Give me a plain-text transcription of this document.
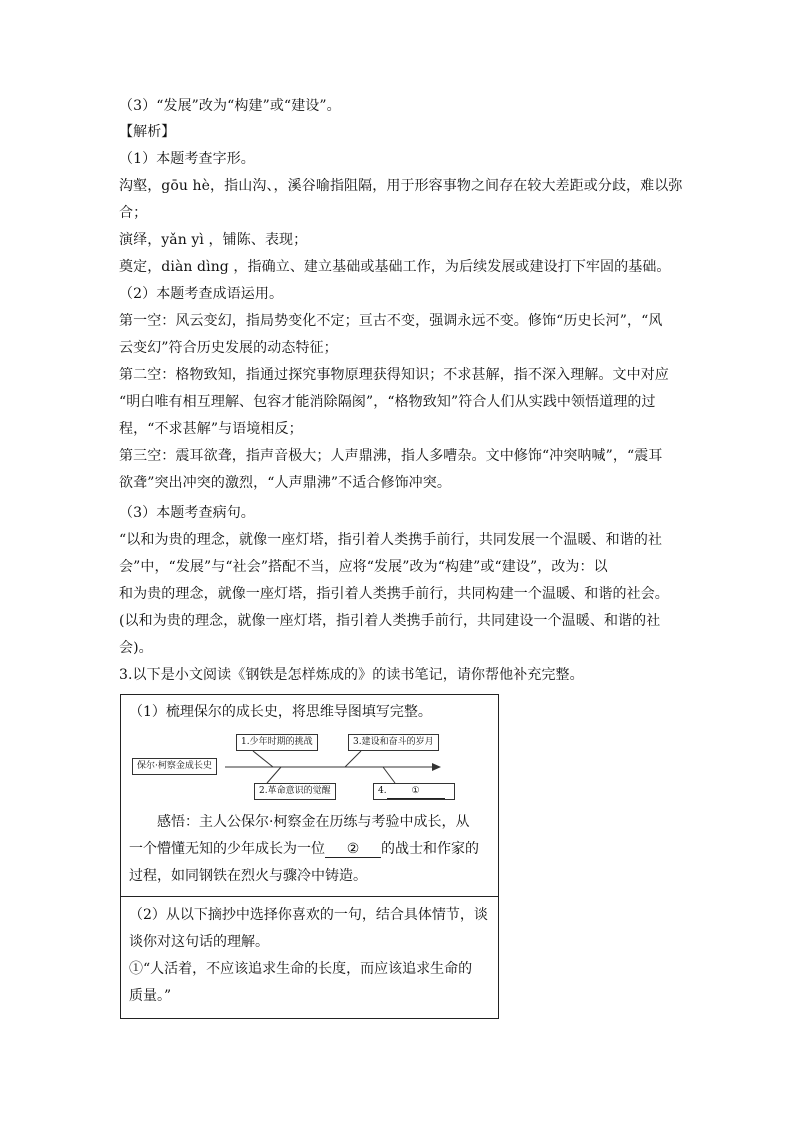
（3）“发展”改为“构建”或“建设”。
【解析】
（1）本题考查字形。
沟壑，gōu hè，指山沟、，溪谷喻指阻隔，用于形容事物之间存在较大差距或分歧，难以弥
合；
演绎，yǎn yì ，铺陈、表现；
奠定，diàn dìng ，指确立、建立基础或基础工作，为后续发展或建设打下牢固的基础。
（2）本题考查成语运用。
第一空：风云变幻，指局势变化不定；亘古不变，强调永远不变。修饰“历史长河”，“风
云变幻”符合历史发展的动态特征；
第二空：格物致知，指通过探究事物原理获得知识；不求甚解，指不深入理解。文中对应
“明白唯有相互理解、包容才能消除隔阂”，“格物致知”符合人们从实践中领悟道理的过
程，“不求甚解”与语境相反；
第三空：震耳欲聋，指声音极大；人声鼎沸，指人多嘈杂。文中修饰“冲突呐喊”，“震耳
欲聋”突出冲突的激烈，“人声鼎沸”不适合修饰冲突。
（3）本题考查病句。
“以和为贵的理念，就像一座灯塔，指引着人类携手前行，共同发展一个温暖、和谐的社
会”中，“发展”与“社会”搭配不当，应将“发展”改为“构建”或“建设”，改为：以
和为贵的理念，就像一座灯塔，指引着人类携手前行，共同构建一个温暖、和谐的社会。
(以和为贵的理念，就像一座灯塔，指引着人类携手前行，共同建设一个温暖、和谐的社
会)。
3.以下是小文阅读《钢铁是怎样炼成的》的读书笔记，请你帮他补充完整。
（1）梳理保尔的成长史，将思维导图填写完整。
保尔·柯察金成长史
1.少年时期的挑战	3.建设和奋斗的岁月
2.革命意识的觉醒	4.	①
感悟：主人公保尔·柯察金在历练与考验中成长，从
一个懵懂无知的少年成长为一位 ② 的战士和作家的
过程，如同钢铁在烈火与骤冷中铸造。
（2）从以下摘抄中选择你喜欢的一句，结合具体情节，谈
谈你对这句话的理解。
①“人活着，不应该追求生命的长度，而应该追求生命的
质量。”
